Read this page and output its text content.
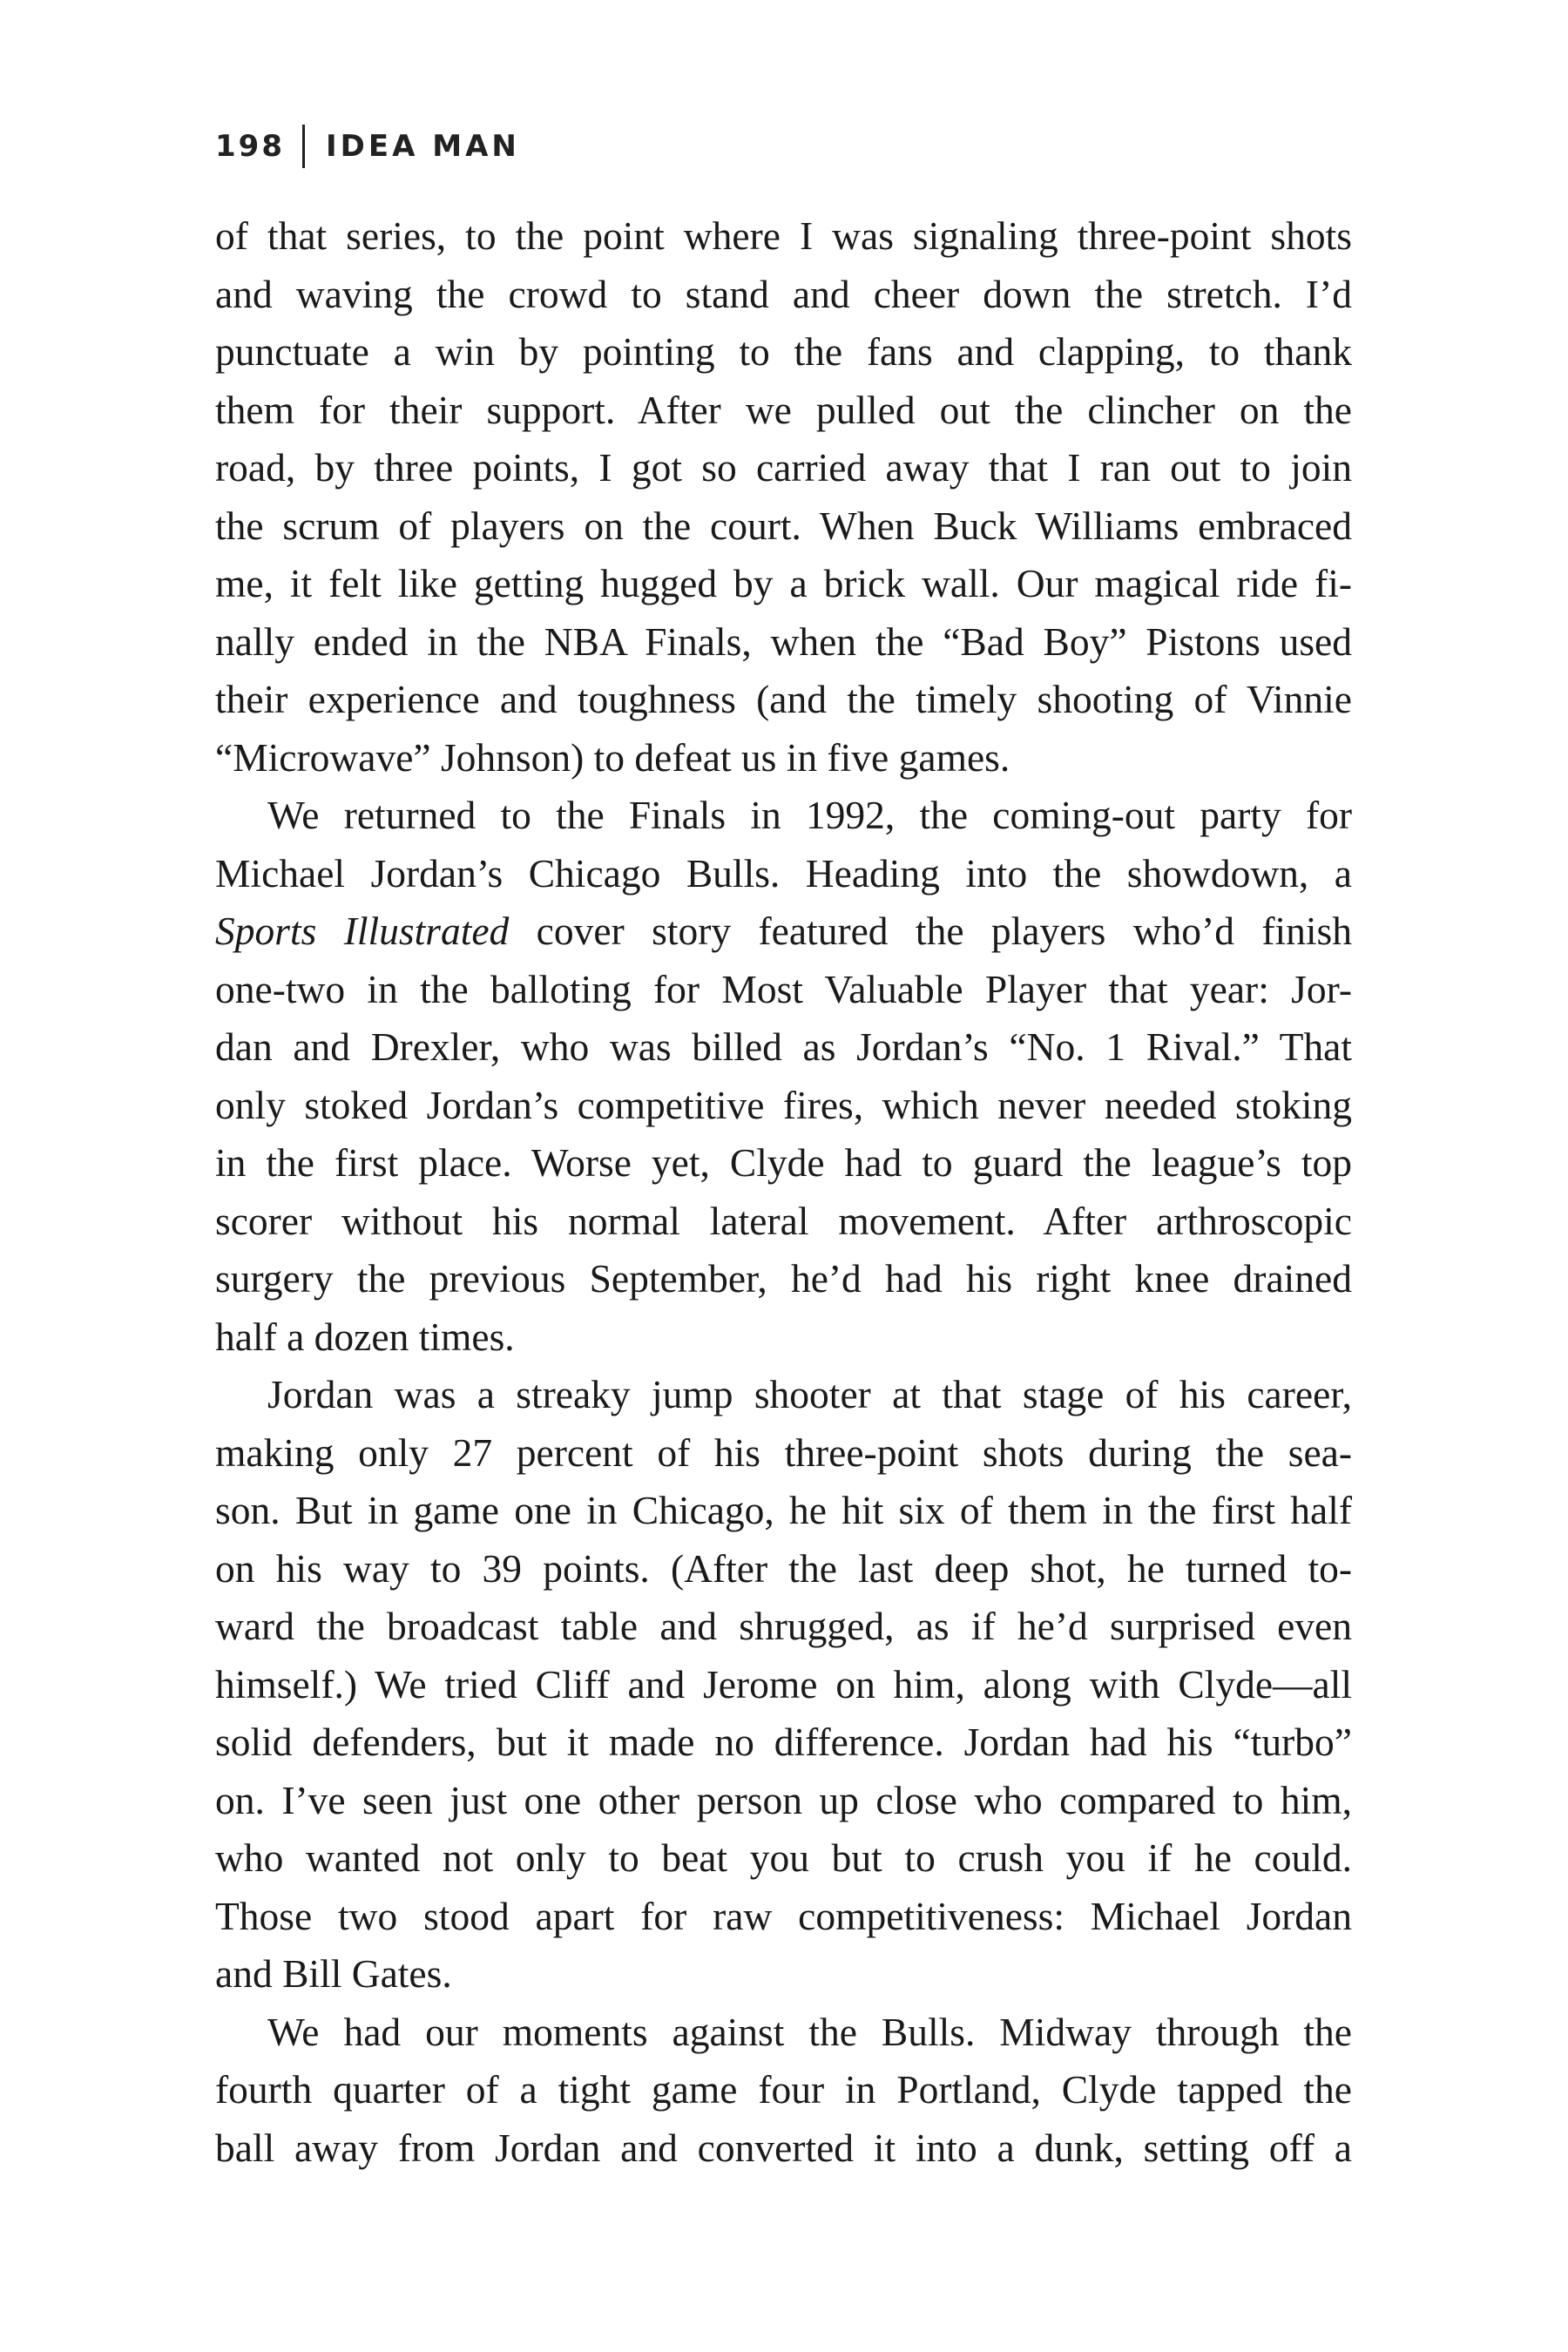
198 IDEA MAN
of that series, to the point where I was signaling three-point shots
and waving the crowd to stand and cheer down the stretch. I’d
punctuate a win by pointing to the fans and clapping, to thank
them for their support. After we pulled out the clincher on the
road, by three points, I got so carried away that I ran out to join
the scrum of players on the court. When Buck Williams embraced
me, it felt like getting hugged by a brick wall. Our magical ride fi-
nally ended in the NBA Finals, when the “Bad Boy” Pistons used
their experience and toughness (and the timely shooting of Vinnie
“Microwave” Johnson) to defeat us in five games.
We returned to the Finals in 1992, the coming-out party for
Michael Jordan’s Chicago Bulls. Heading into the showdown, a
Sports Illustrated cover story featured the players who’d finish
one-two in the balloting for Most Valuable Player that year: Jor-
dan and Drexler, who was billed as Jordan’s “No. 1 Rival.” That
only stoked Jordan’s competitive fires, which never needed stoking
in the first place. Worse yet, Clyde had to guard the league’s top
scorer without his normal lateral movement. After arthroscopic
surgery the previous September, he’d had his right knee drained
half a dozen times.
Jordan was a streaky jump shooter at that stage of his career,
making only 27 percent of his three-point shots during the sea-
son. But in game one in Chicago, he hit six of them in the first half
on his way to 39 points. (After the last deep shot, he turned to-
ward the broadcast table and shrugged, as if he’d surprised even
himself.) We tried Cliff and Jerome on him, along with Clyde—all
solid defenders, but it made no difference. Jordan had his “turbo”
on. I’ve seen just one other person up close who compared to him,
who wanted not only to beat you but to crush you if he could.
Those two stood apart for raw competitiveness: Michael Jordan
and Bill Gates.
We had our moments against the Bulls. Midway through the
fourth quarter of a tight game four in Portland, Clyde tapped the
ball away from Jordan and converted it into a dunk, setting off a
